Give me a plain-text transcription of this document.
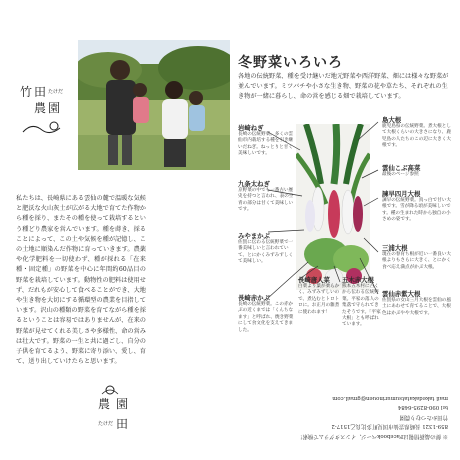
竹 田 たけだ
農 園
冬野菜いろいろ
各地の伝統野菜、種を受け継いだ地元野菜や西洋野菜、畑には様々な野菜が並んでいます。ミツバチや小さな生き物、野菜の花や草たち、それぞれの生き物が一緒に暮らし、命の営を感じる畑で栽培しています。
岩崎ねぎ
長崎の伝統野菜。多くの雲仙市内栽培する種を引き継いだねぎ。ねっとりと甘く美味しいです。
九条太ねぎ
京野菜の中でも一番古い歴史を持つと言われ、表の空青の部分は甘くて美味しいです。
みやまかぶ
佐賀に伝わる伝統野菜で一番美味しいと言われていて、とにかくみずみずしくて美味しい。
長崎赤かぶ
長崎の伝統野菜。この赤かぶの近くまでは「くんちなます」と呼ばれ、焼き野菜にして食文化を支えてきました。
長崎唐人菜
白菜より葉が柔らかく、みずみずしいので、煮込むとトロトロに。お正月の雑煮に使われます！
五木赤大根
熊本五木村に古くから伝わる伝統野菜。平家の落人の集落で守られてきたそうです。「平家大根」とも呼ばれています。
島大根
鹿児島県の伝統野菜。煮大根として大根くらいの大きさになり、鹿児島の人たちのこの辺に大きく大根です。
雲仙こぶ高菜
最後のページ参照
諫早四月大根
諫早の伝統野菜。真っ白で甘い大根です。雪が降る頃が美味しいです。種の生まれた時から独自の小さめの姿です。
三浦大根
現在の春育ち根が近い一番良い大根よりもさらに大きく、とにかく食べ応え満点がかぶ大根。
雲仙赤紫大根
佐賀県の女山三月大根を雲仙の風土にあわせて育てることで、大根色はかぶやや大根です。
私たちは、長崎県にある雲仙の麓で温暖な気候と肥沃な火山灰土が広がる大地で育てた作物から種を採り、またその種を使って栽培するという種どり農家を営んでいます。種を蒔き、採ることによって、この土や気候を種が記憶し、この土地に順染んだ作物に育っていきます。農薬や化学肥料を一切使わず、種が採れる「在来種・固定種」の野菜を中心に年間約60品目の野菜を栽培しています。動物性の肥料は使用せず、だれもが安心して食べることができ、大地や生き物を大切にする循環型の農業を目指しています。沢山の種類の野菜を育てながら種を採るということは容易ではありませんが、在来の野菜が見せてくれる美しさや多様性、命の営みは壮大です。野菜の一生と共に過ごし、自分の子供を育てるよう、野菜に寄り添い、愛し、育て、送り出していけたらと思います。
農 園
たけだ 田
※ 鮮の最新情報はFacebookページ、インスタグラムで検索！
859-1321 長崎県雲仙市国見町多比良乙1517-2
竹田かたつむり農園
tel 090-8295-6484
mail takedakatatsumurinouen@gmail.com
